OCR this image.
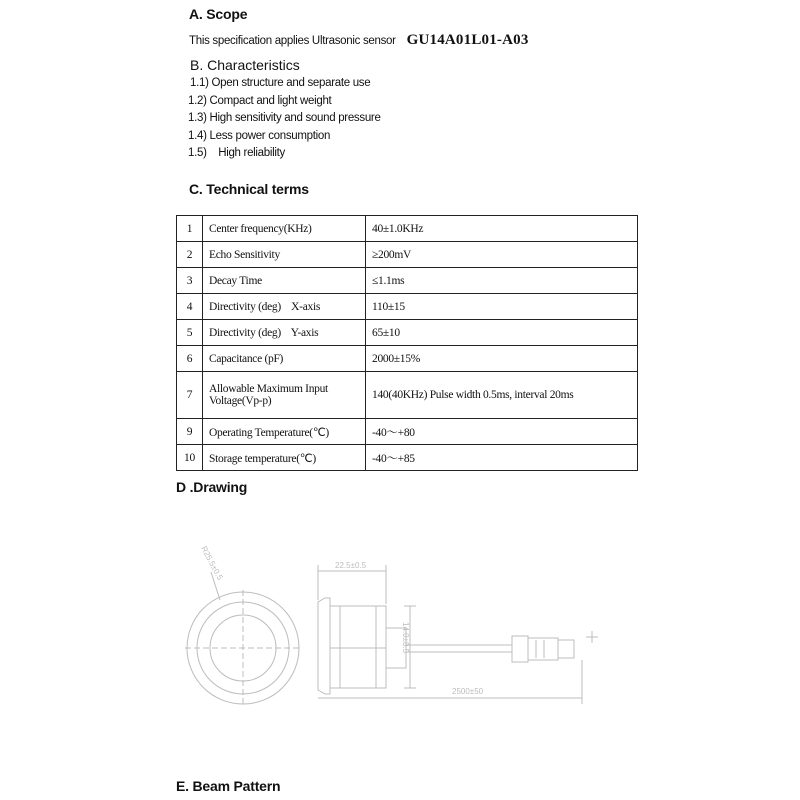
A. Scope
This specification applies Ultrasonic sensor GU14A01L01-A03
B. Characteristics
1.1) Open structure and separate use
1.2) Compact and light weight
1.3) High sensitivity and sound pressure
1.4) Less power consumption
1.5)    High reliability
C. Technical terms
1	Center frequency(KHz)	40±1.0KHz
2	Echo Sensitivity	≥200mV
3	Decay Time	≤1.1ms
4	Directivity (deg)    X-axis	110±15
5	Directivity (deg)    Y-axis	65±10
6	Capacitance (pF)	2000±15%
7	Allowable Maximum Input Voltage(Vp-p)	140(40KHz) Pulse width 0.5ms, interval 20ms
9	Operating Temperature(℃)	-40～+80
10	Storage temperature(℃)	-40～+85
D .Drawing
22.5±0.5
14.0±0.5
2500±50
R25.5±0.5
E. Beam Pattern
